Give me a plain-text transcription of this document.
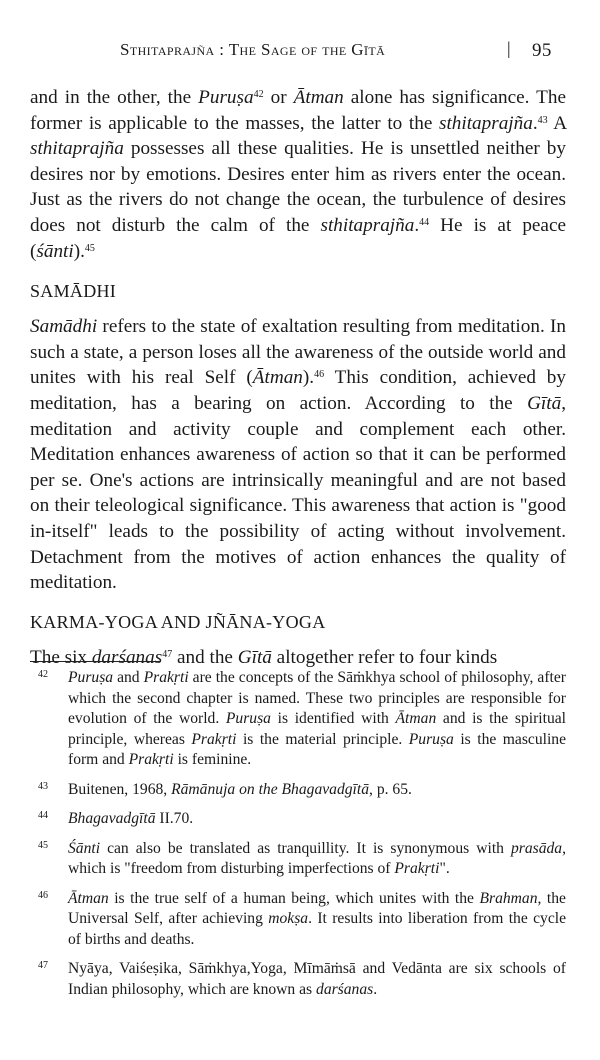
Sthitaprajña : The Sage of the Gītā	| 95

and in the other, the Puruṣa$^{42}$ or Ātman alone has significance. The former is applicable to the masses, the latter to the sthitaprajña.$^{43}$ A sthitaprajña possesses all these qualities. He is unsettled neither by desires nor by emotions. Desires enter him as rivers enter the ocean. Just as the rivers do not change the ocean, the turbulence of desires does not disturb the calm of the sthitaprajña.$^{44}$ He is at peace (śānti).$^{45}$

SAMĀDHI

Samādhi refers to the state of exaltation resulting from meditation. In such a state, a person loses all the awareness of the outside world and unites with his real Self (Ātman).$^{46}$ This condition, achieved by meditation, has a bearing on action. According to the Gītā, meditation and activity couple and complement each other. Meditation enhances awareness of action so that it can be performed per se. One's actions are intrinsically meaningful and are not based on their teleological significance. This awareness that action is "good in-itself" leads to the possibility of acting without involvement. Detachment from the motives of action enhances the quality of meditation.

KARMA-YOGA AND JÑĀNA-YOGA

The six darśanas$^{47}$ and the Gītā altogether refer to four kinds

42 Puruṣa and Prakṛti are the concepts of the Sāṁkhya school of philosophy, after which the second chapter is named. These two principles are responsible for evolution of the world. Puruṣa is identified with Ātman and is the spiritual principle, whereas Prakṛti is the material principle. Puruṣa is the masculine form and Prakṛti is feminine.
43 Buitenen, 1968, Rāmānuja on the Bhagavadgītā, p. 65.
44 Bhagavadgītā II.70.
45 Śānti can also be translated as tranquillity. It is synonymous with prasāda, which is "freedom from disturbing imperfections of Prakṛti".
46 Ātman is the true self of a human being, which unites with the Brahman, the Universal Self, after achieving mokṣa. It results into liberation from the cycle of births and deaths.
47 Nyāya, Vaiśeṣika, Sāṁkhya,Yoga, Mīmāṁsā and Vedānta are six schools of Indian philosophy, which are known as darśanas.
